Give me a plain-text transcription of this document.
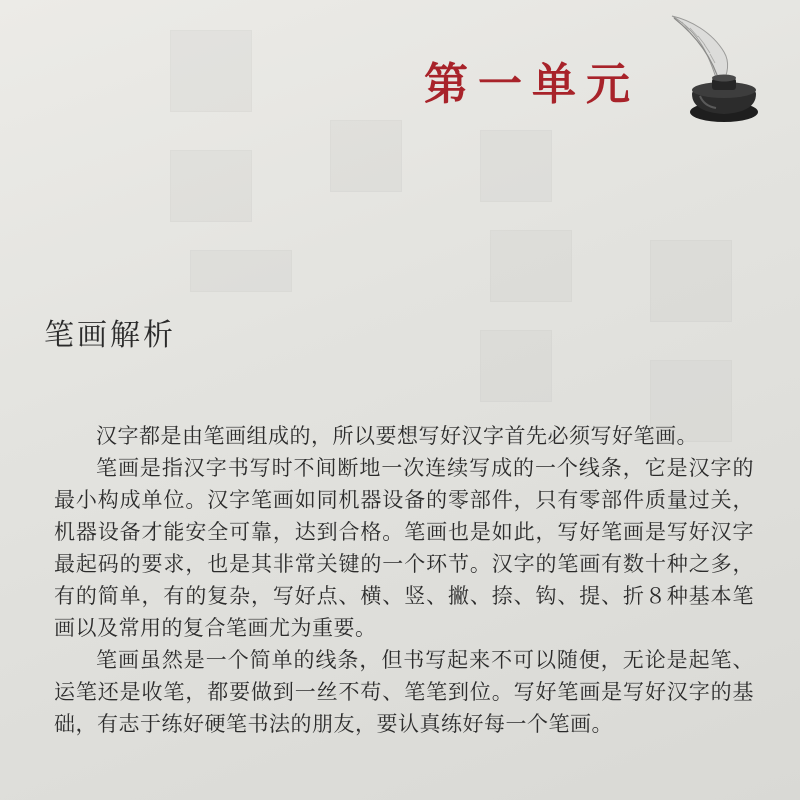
第一单元
笔画解析

汉字都是由笔画组成的，所以要想写好汉字首先必须写好笔画。

笔画是指汉字书写时不间断地一次连续写成的一个线条，它是汉字的最小构成单位。汉字笔画如同机器设备的零部件，只有零部件质量过关，机器设备才能安全可靠，达到合格。笔画也是如此，写好笔画是写好汉字最起码的要求，也是其非常关键的一个环节。汉字的笔画有数十种之多，有的简单，有的复杂，写好点、横、竖、撇、捺、钩、提、折８种基本笔画以及常用的复合笔画尤为重要。

笔画虽然是一个简单的线条，但书写起来不可以随便，无论是起笔、运笔还是收笔，都要做到一丝不苟、笔笔到位。写好笔画是写好汉字的基础，有志于练好硬笔书法的朋友，要认真练好每一个笔画。
